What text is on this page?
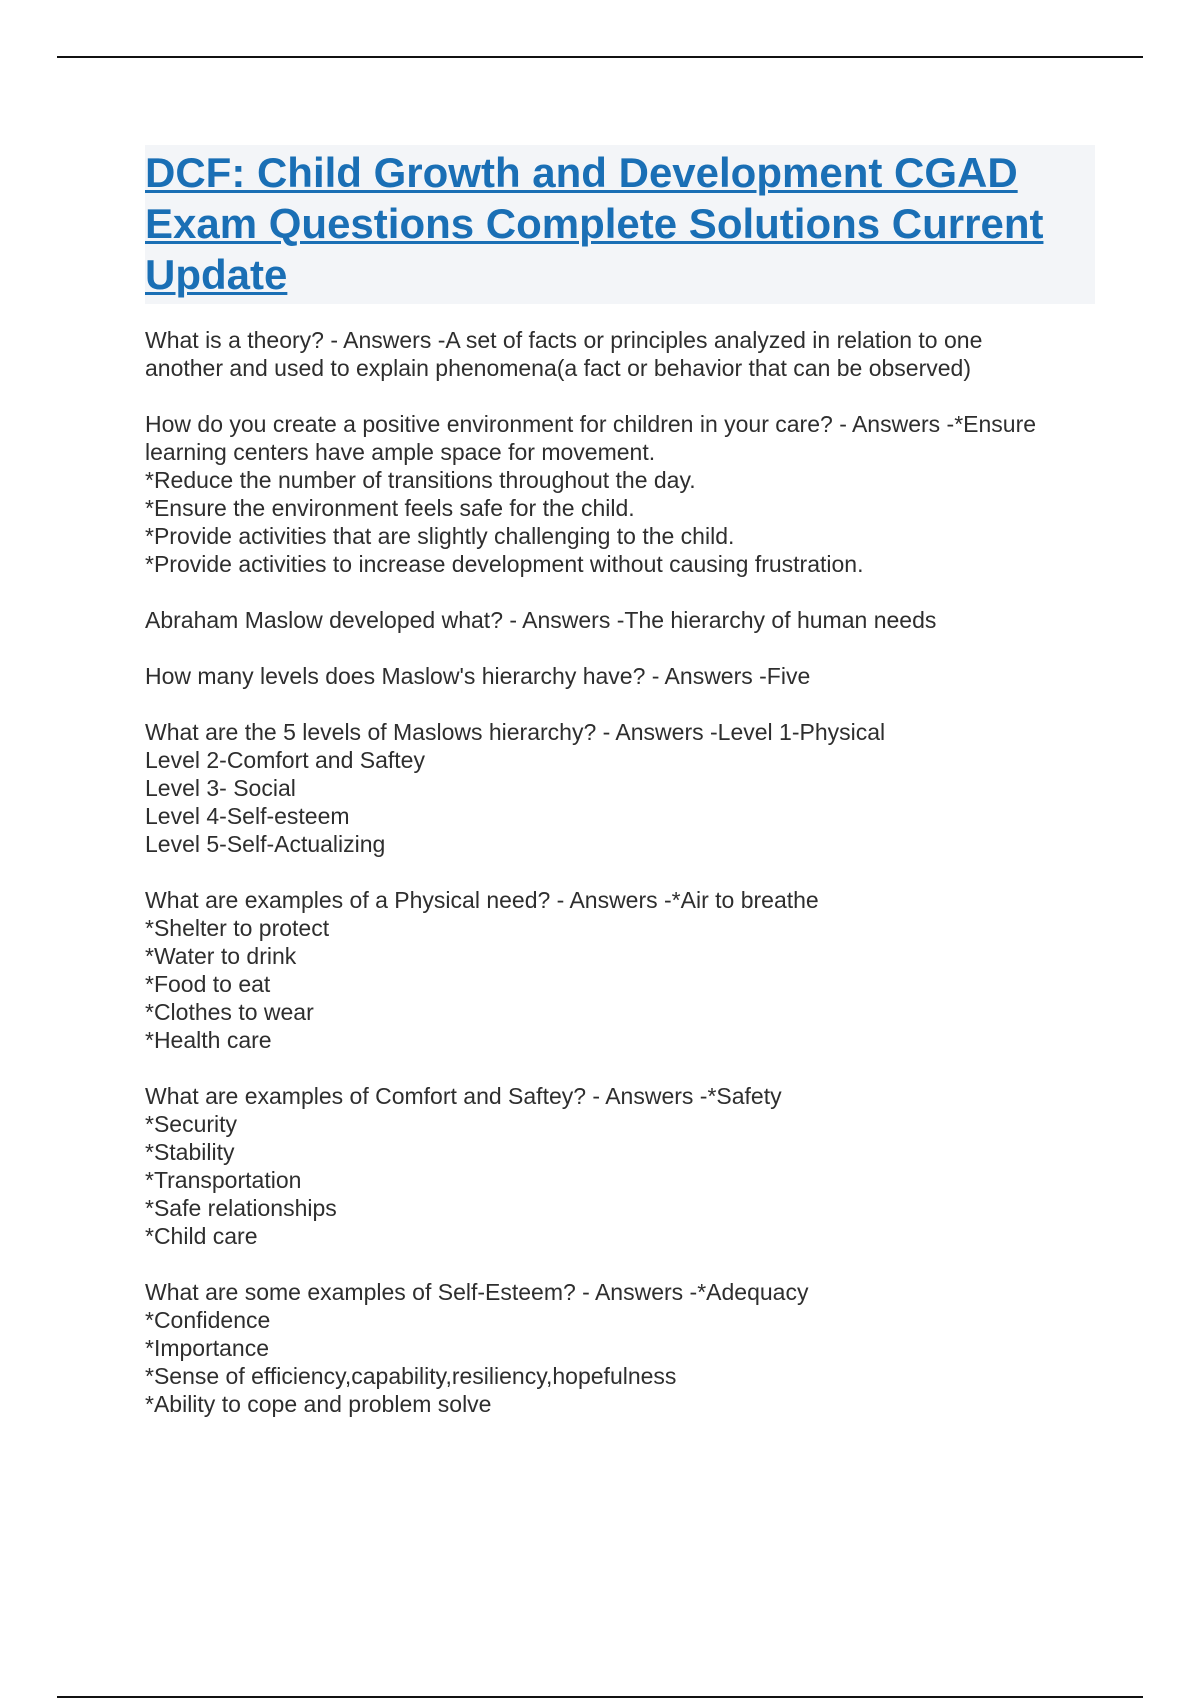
DCF: Child Growth and Development CGAD Exam Questions Complete Solutions Current Update
What is a theory? - Answers -A set of facts or principles analyzed in relation to one
another and used to explain phenomena(a fact or behavior that can be observed)
How do you create a positive environment for children in your care? - Answers -*Ensure
learning centers have ample space for movement.
*Reduce the number of transitions throughout the day.
*Ensure the environment feels safe for the child.
*Provide activities that are slightly challenging to the child.
*Provide activities to increase development without causing frustration.
Abraham Maslow developed what? - Answers -The hierarchy of human needs
How many levels does Maslow's hierarchy have? - Answers -Five
What are the 5 levels of Maslows hierarchy? - Answers -Level 1-Physical
Level 2-Comfort and Saftey
Level 3- Social
Level 4-Self-esteem
Level 5-Self-Actualizing
What are examples of a Physical need? - Answers -*Air to breathe
*Shelter to protect
*Water to drink
*Food to eat
*Clothes to wear
*Health care
What are examples of Comfort and Saftey? - Answers -*Safety
*Security
*Stability
*Transportation
*Safe relationships
*Child care
What are some examples of Self-Esteem? - Answers -*Adequacy
*Confidence
*Importance
*Sense of efficiency,capability,resiliency,hopefulness
*Ability to cope and problem solve
